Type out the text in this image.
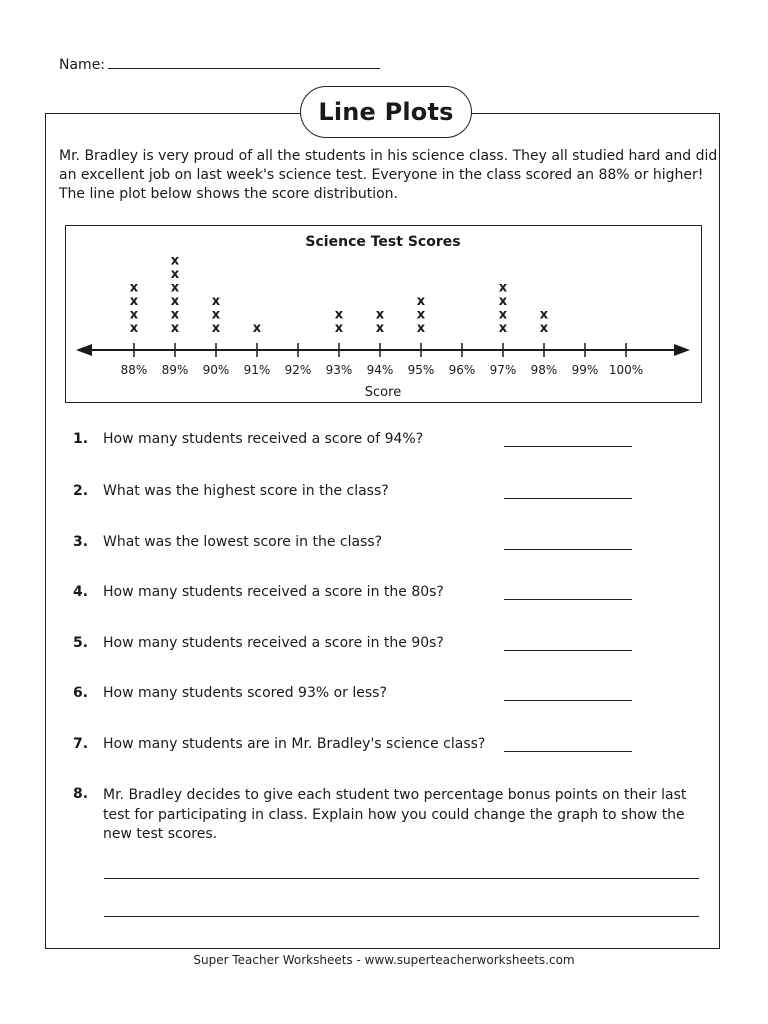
Name:
Line Plots

Mr. Bradley is very proud of all the students in his science class. They all studied hard and did an excellent job on last week's science test. Everyone in the class scored an 88% or higher! The line plot below shows the score distribution.

Science Test Scores
88% 89% 90% 91% 92% 93% 94% 95% 96% 97% 98% 99% 100%
x
x
x
x
x
x
x
x
x
x
x
x
x
x	x
x
x
x
x
x
x
x
x
x
x
x
x
Score
1. How many students received a score of 94%?
2. What was the highest score in the class?
3. What was the lowest score in the class?
4. How many students received a score in the 80s?
5. How many students received a score in the 90s?
6. How many students scored 93% or less?
7. How many students are in Mr. Bradley's science class?
8. Mr. Bradley decides to give each student two percentage bonus points on their last test for participating in class. Explain how you could change the graph to show the new test scores.

Super Teacher Worksheets - www.superteacherworksheets.com
